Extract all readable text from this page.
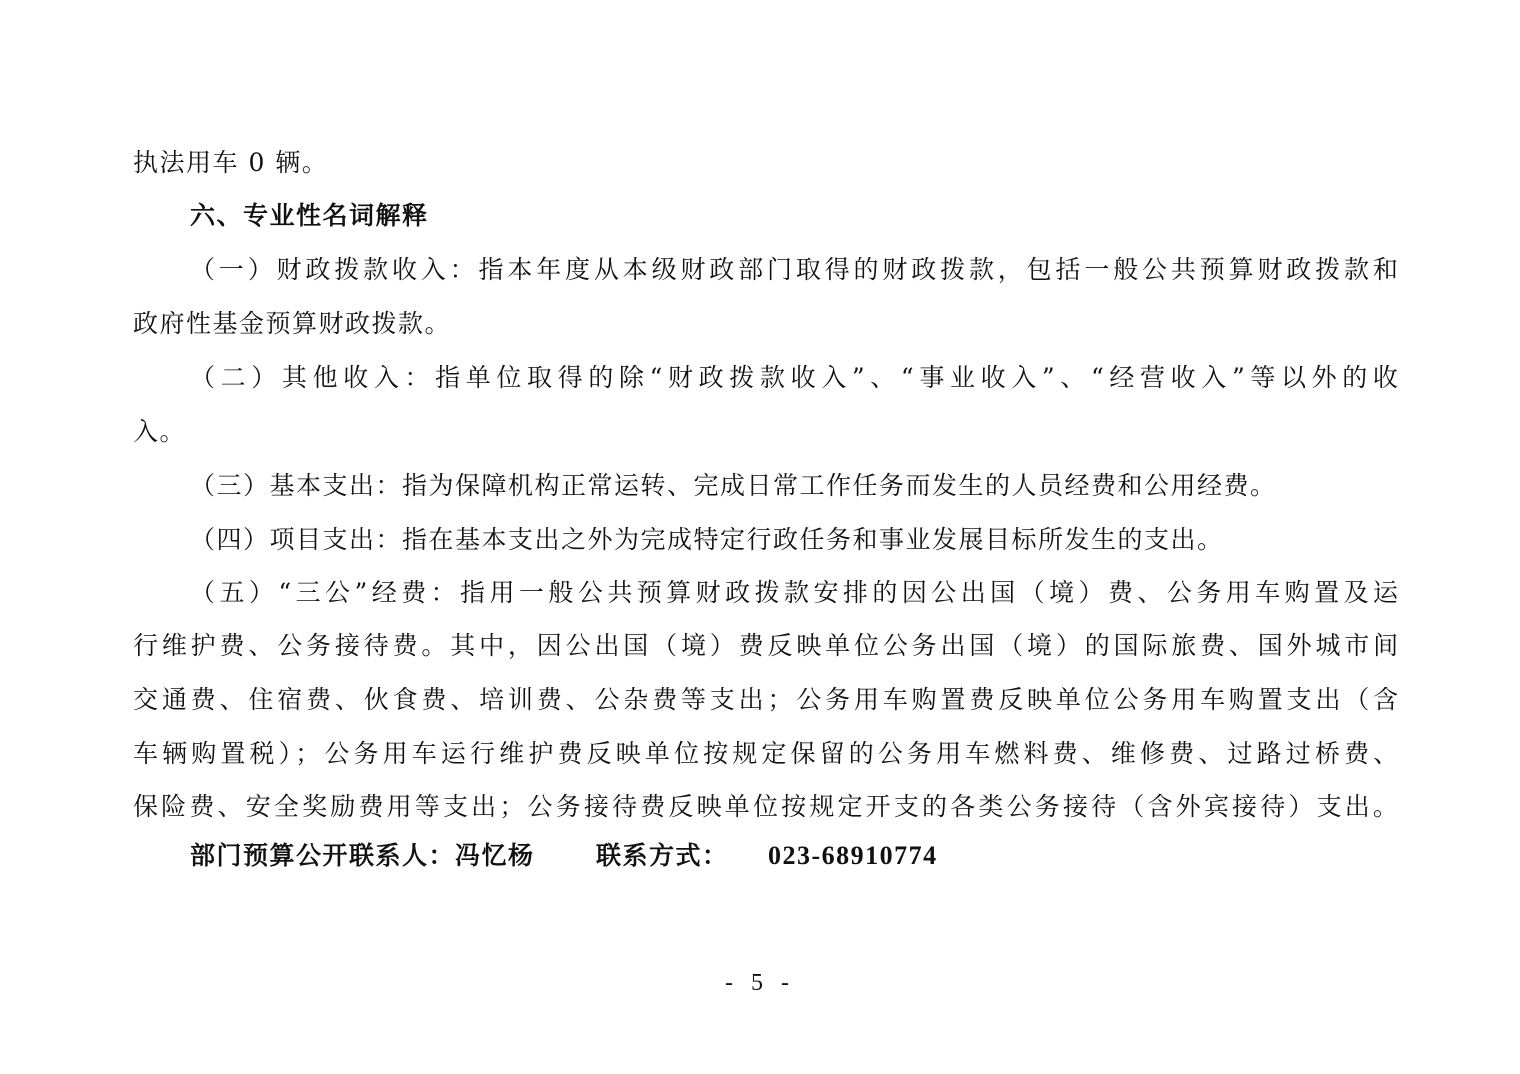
执法用车 0 辆。
六、专业性名词解释
（一）财政拨款收入：指本年度从本级财政部门取得的财政拨款，包括一般公共预算财政拨款和
政府性基金预算财政拨款。
（二）其他收入：指单位取得的除“财政拨款收入”、“事业收入”、“经营收入”等以外的收
入。
（三）基本支出：指为保障机构正常运转、完成日常工作任务而发生的人员经费和公用经费。
（四）项目支出：指在基本支出之外为完成特定行政任务和事业发展目标所发生的支出。
（五）“三公”经费：指用一般公共预算财政拨款安排的因公出国（境）费、公务用车购置及运
行维护费、公务接待费。其中，因公出国（境）费反映单位公务出国（境）的国际旅费、国外城市间
交通费、住宿费、伙食费、培训费、公杂费等支出；公务用车购置费反映单位公务用车购置支出（含
车辆购置税）；公务用车运行维护费反映单位按规定保留的公务用车燃料费、维修费、过路过桥费、
保险费、安全奖励费用等支出；公务接待费反映单位按规定开支的各类公务接待（含外宾接待）支出。
部门预算公开联系人：冯忆杨 联系方式： 023-68910774
- 5 -
